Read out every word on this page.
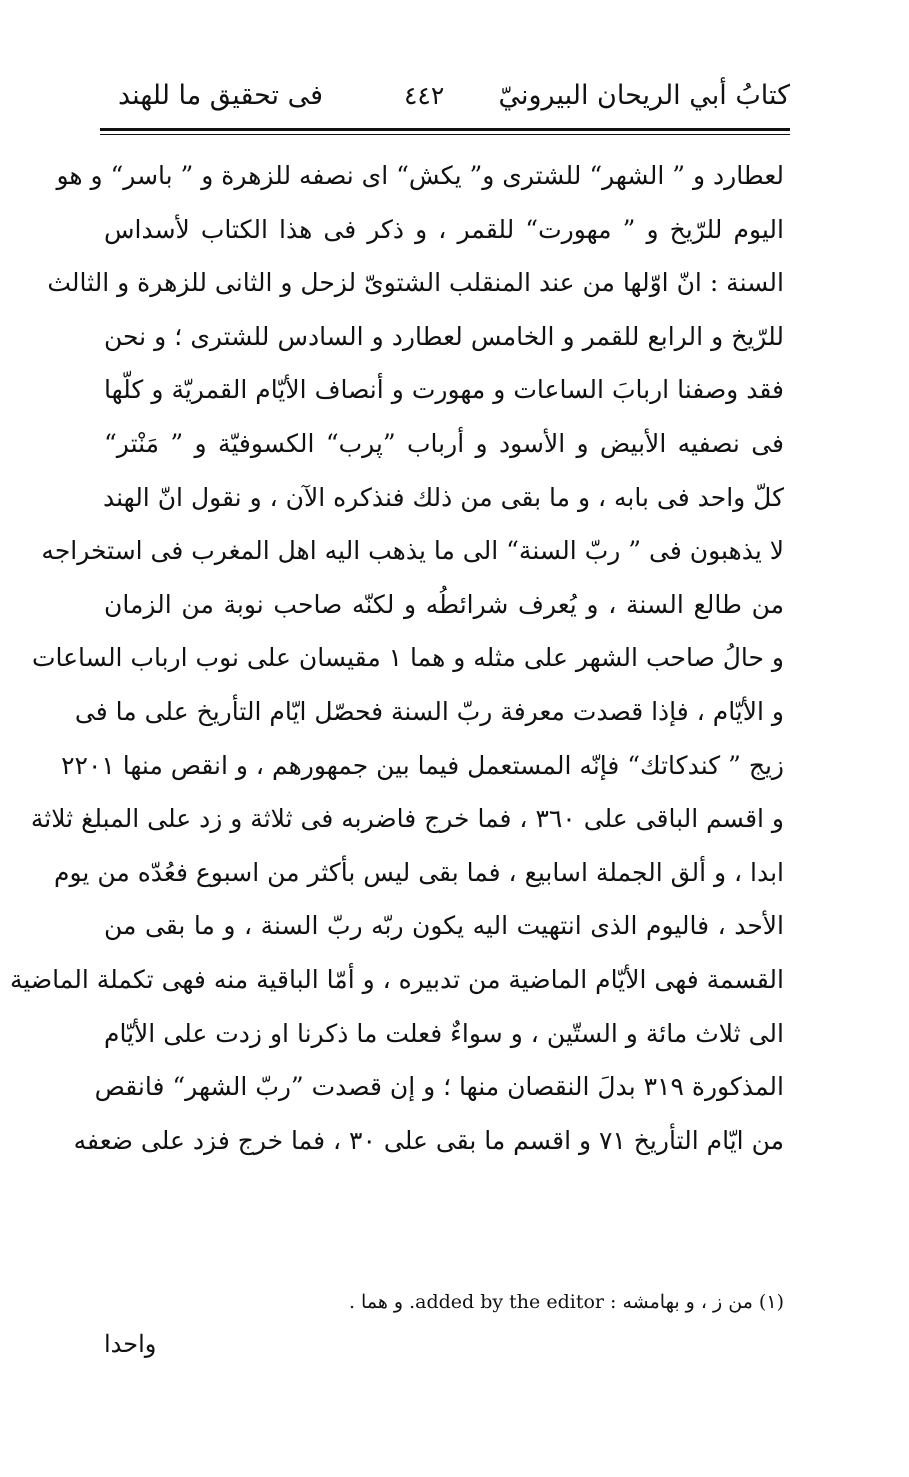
كتابُ أبي الريحان البيرونيّ
٤٤٢
فى تحقيق ما للهند
لعطارد و ” الشهر“ للشترى و” يكش“ اى نصفه للزهرة و ” باسر“ و هو
اليوم للرّيخ و ” مهورت“ للقمر ، و ذكر فى هذا الكتاب لأسداس
السنة : انّ اوّلها من عند المنقلب الشتوىّ لزحل و الثانى للزهرة و الثالث
للرّيخ و الرابع للقمر و الخامس لعطارد و السادس للشترى ؛ و نحن
فقد وصفنا اربابَ الساعات و مهورت و أنصاف الأيّام القمريّة و كلّها
فى نصفيه الأبيض و الأسود و أرباب ”پرب“ الكسوفيّة و ” مَنْتر“
كلّ واحد فى بابه ، و ما بقى من ذلك فنذكره الآن ، و نقول انّ الهند
لا يذهبون فى ” ربّ السنة“ الى ما يذهب اليه اهل المغرب فى استخراجه
من طالع السنة ، و يُعرف شرائطُه و لكنّه صاحب نوبة من الزمان
و حالُ صاحب الشهر على مثله و هما ١ مقيسان على نوب ارباب الساعات
و الأيّام ، فإذا قصدت معرفة ربّ السنة فحصّل ايّام التأريخ على ما فى
زيج ” كندكاتك“ فإنّه المستعمل فيما بين جمهورهم ، و انقص منها ٢٢٠١
و اقسم الباقى على ٣٦٠ ، فما خرج فاضربه فى ثلاثة و زد على المبلغ ثلاثة
ابدا ، و ألق الجملة اسابيع ، فما بقى ليس بأكثر من اسبوع فعُدّه من يوم
الأحد ، فاليوم الذى انتهيت اليه يكون ربّه ربّ السنة ، و ما بقى من
القسمة فهى الأيّام الماضية من تدبيره ، و أمّا الباقية منه فهى تكملة الماضية
الى ثلاث مائة و الستّين ، و سواءٌ فعلت ما ذكرنا او زدت على الأيّام
المذكورة ٣١٩ بدلَ النقصان منها ؛ و إن قصدت ”ربّ الشهر“ فانقص
من ايّام التأريخ ٧١ و اقسم ما بقى على ٣٠ ، فما خرج فزد على ضعفه
(١) من ز ، و بهامشه : added by the editor. و هما .
واحدا
